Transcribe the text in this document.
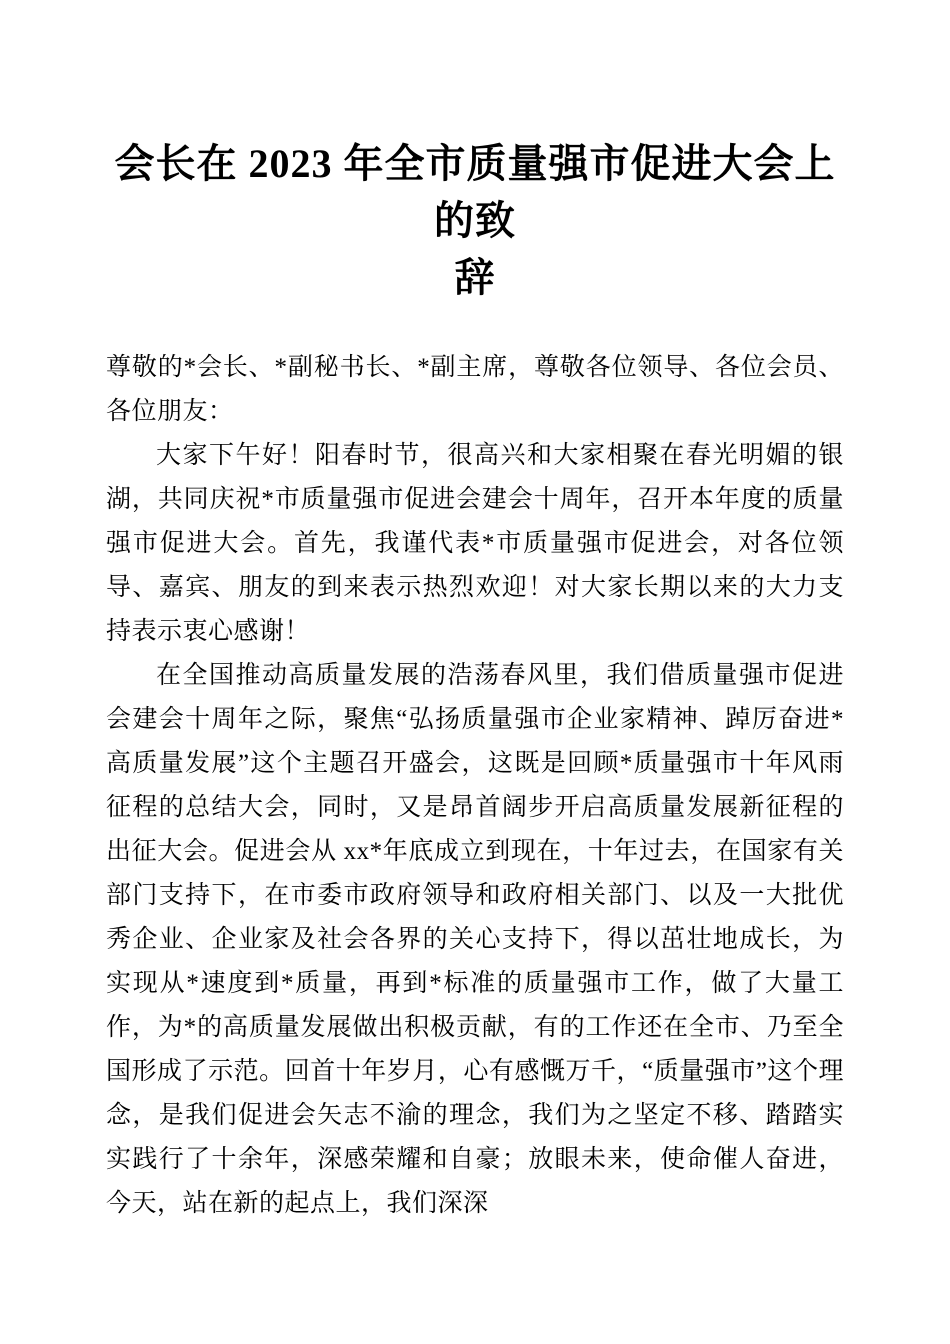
会长在 2023 年全市质量强市促进大会上的致
辞

尊敬的*会长、*副秘书长、*副主席，尊敬各位领导、各位会员、各位朋友：

大家下午好！阳春时节，很高兴和大家相聚在春光明媚的银湖，共同庆祝*市质量强市促进会建会十周年，召开本年度的质量强市促进大会。首先，我谨代表*市质量强市促进会，对各位领导、嘉宾、朋友的到来表示热烈欢迎！对大家长期以来的大力支持表示衷心感谢！

在全国推动高质量发展的浩荡春风里，我们借质量强市促进会建会十周年之际，聚焦“弘扬质量强市企业家精神、踔厉奋进*高质量发展”这个主题召开盛会，这既是回顾*质量强市十年风雨征程的总结大会，同时，又是昂首阔步开启高质量发展新征程的出征大会。促进会从 xx*年底成立到现在，十年过去，在国家有关部门支持下，在市委市政府领导和政府相关部门、以及一大批优秀企业、企业家及社会各界的关心支持下，得以茁壮地成长，为实现从*速度到*质量，再到*标准的质量强市工作，做了大量工作，为*的高质量发展做出积极贡献，有的工作还在全市、乃至全国形成了示范。回首十年岁月，心有感慨万千，“质量强市”这个理念，是我们促进会矢志不渝的理念，我们为之坚定不移、踏踏实实践行了十余年，深感荣耀和自豪；放眼未来，使命催人奋进，今天，站在新的起点上，我们深深
